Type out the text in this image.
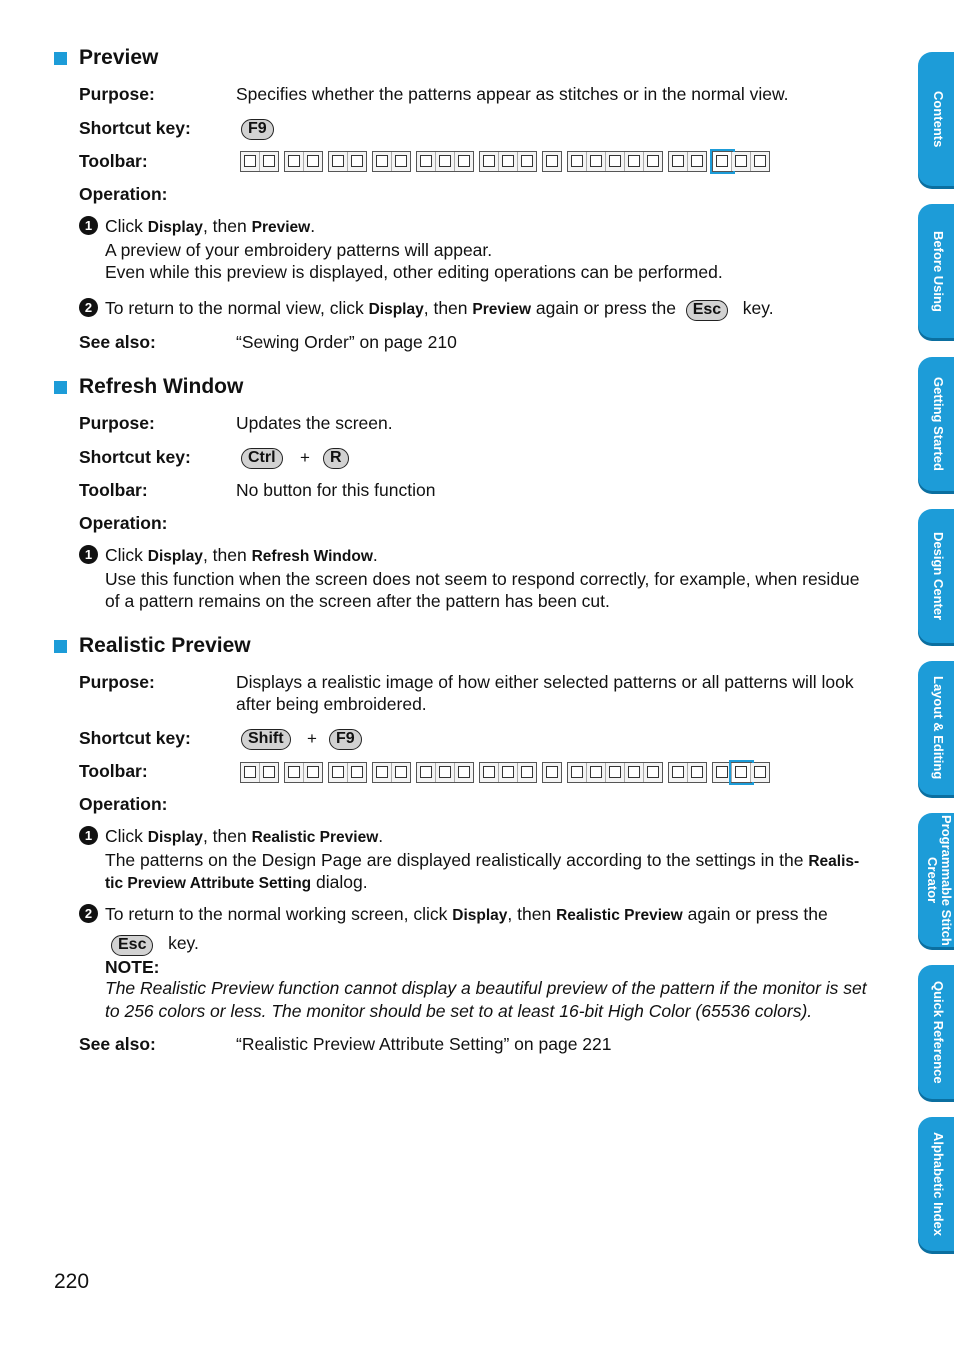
Preview
Purpose:	Specifies whether the patterns appear as stitches or in the normal view.
Shortcut key:	F9
Toolbar:
Operation:
1 Click Display, then Preview.
A preview of your embroidery patterns will appear.
Even while this preview is displayed, other editing operations can be performed.
2 To return to the normal view, click Display, then Preview again or press the Esc key.
See also:	“Sewing Order” on page 210
Refresh Window
Purpose:	Updates the screen.
Shortcut key:	Ctrl	+	R
Toolbar:	No button for this function
Operation:
1 Click Display, then Refresh Window.
Use this function when the screen does not seem to respond correctly, for example, when residue
of a pattern remains on the screen after the pattern has been cut.
Realistic Preview
Purpose:	Displays a realistic image of how either selected patterns or all patterns will look
after being embroidered.
Shortcut key:	Shift	+	F9
Toolbar:
Operation:
1 Click Display, then Realistic Preview.
The patterns on the Design Page are displayed realistically according to the settings in the Realis-
tic Preview Attribute Setting dialog.
2 To return to the normal working screen, click Display, then Realistic Preview again or press the
Esc key.
NOTE:
The Realistic Preview function cannot display a beautiful preview of the pattern if the monitor is set
to 256 colors or less. The monitor should be set to at least 16-bit High Color (65536 colors).
See also:	“Realistic Preview Attribute Setting” on page 221
Contents
Before Using
Getting Started
Design Center
Layout & Editing
Programmable Stitch Creator
Quick Reference
Alphabetic Index
220
